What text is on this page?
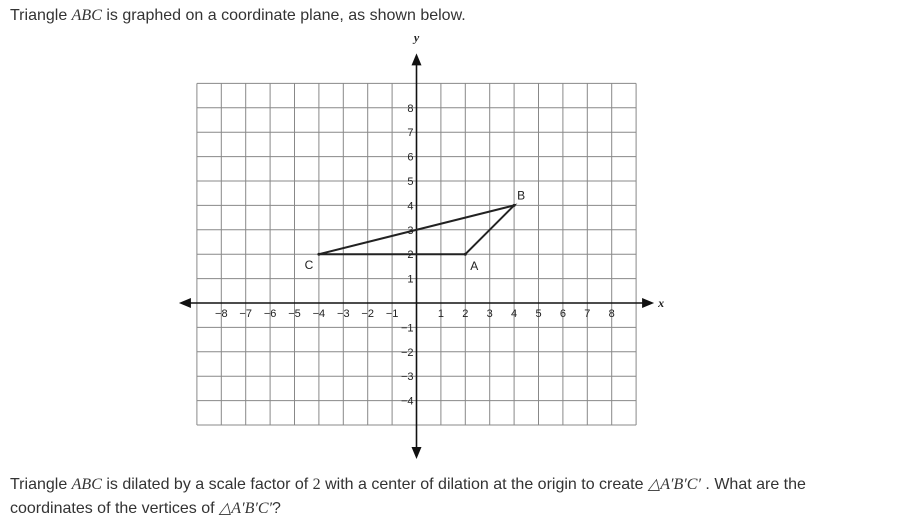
Triangle ABC is graphed on a coordinate plane, as shown below.

x
y
−8 −7 −6 −5 −4 −3 −2 −1	1 2 3 4 5 6 7 8
−4
−3
−2
−1
1
2
3
4
5
6
7
8
A
B
C

Triangle ABC is dilated by a scale factor of 2 with a center of dilation at the origin to create △A′B′C′ . What are the coordinates of the vertices of △A′B′C′?
